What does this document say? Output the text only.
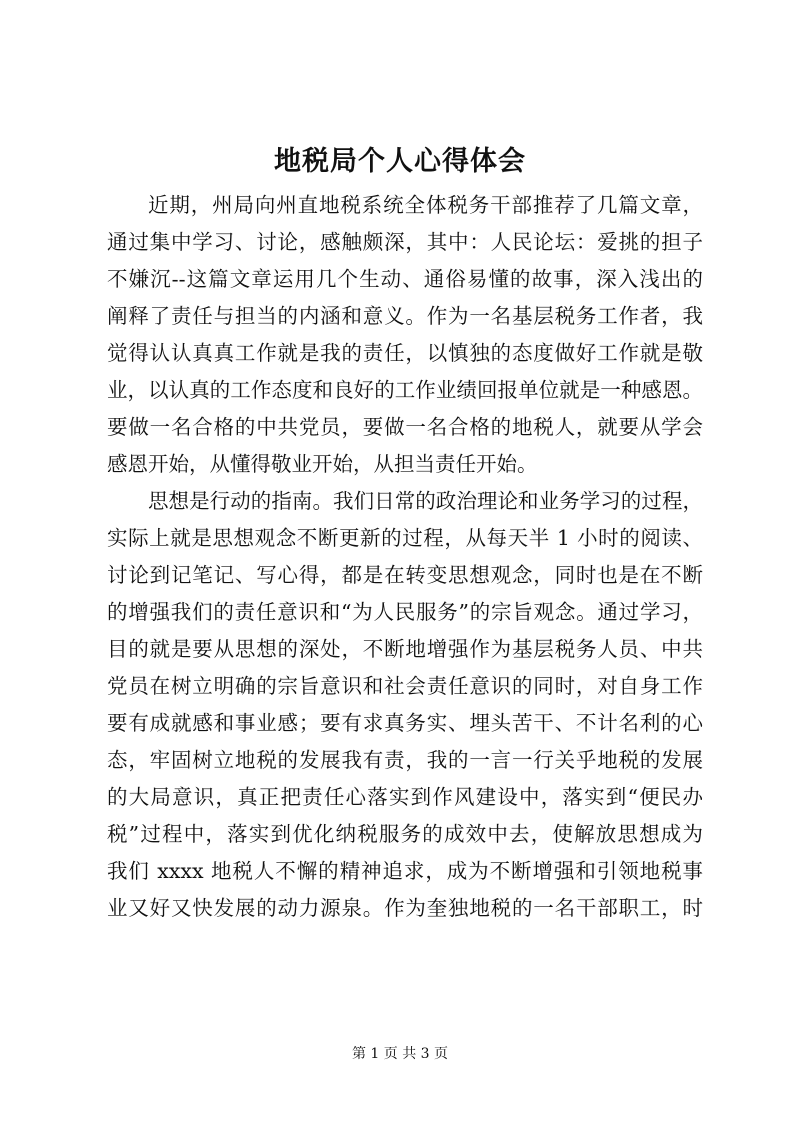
地税局个人心得体会
近期，州局向州直地税系统全体税务干部推荐了几篇文章，
通过集中学习、讨论，感触颇深，其中：人民论坛：爱挑的担子
不嫌沉--这篇文章运用几个生动、通俗易懂的故事，深入浅出的
阐释了责任与担当的内涵和意义。作为一名基层税务工作者，我
觉得认认真真工作就是我的责任，以慎独的态度做好工作就是敬
业，以认真的工作态度和良好的工作业绩回报单位就是一种感恩。
要做一名合格的中共党员，要做一名合格的地税人，就要从学会
感恩开始，从懂得敬业开始，从担当责任开始。
思想是行动的指南。我们日常的政治理论和业务学习的过程，
实际上就是思想观念不断更新的过程，从每天半 1 小时的阅读、
讨论到记笔记、写心得，都是在转变思想观念，同时也是在不断
的增强我们的责任意识和“为人民服务”的宗旨观念。通过学习，
目的就是要从思想的深处，不断地增强作为基层税务人员、中共
党员在树立明确的宗旨意识和社会责任意识的同时，对自身工作
要有成就感和事业感；要有求真务实、埋头苦干、不计名利的心
态，牢固树立地税的发展我有责，我的一言一行关乎地税的发展
的大局意识，真正把责任心落实到作风建设中，落实到“便民办
税”过程中，落实到优化纳税服务的成效中去，使解放思想成为
我们 xxxx 地税人不懈的精神追求，成为不断增强和引领地税事
业又好又快发展的动力源泉。作为奎独地税的一名干部职工，时
第 1 页 共 3 页
